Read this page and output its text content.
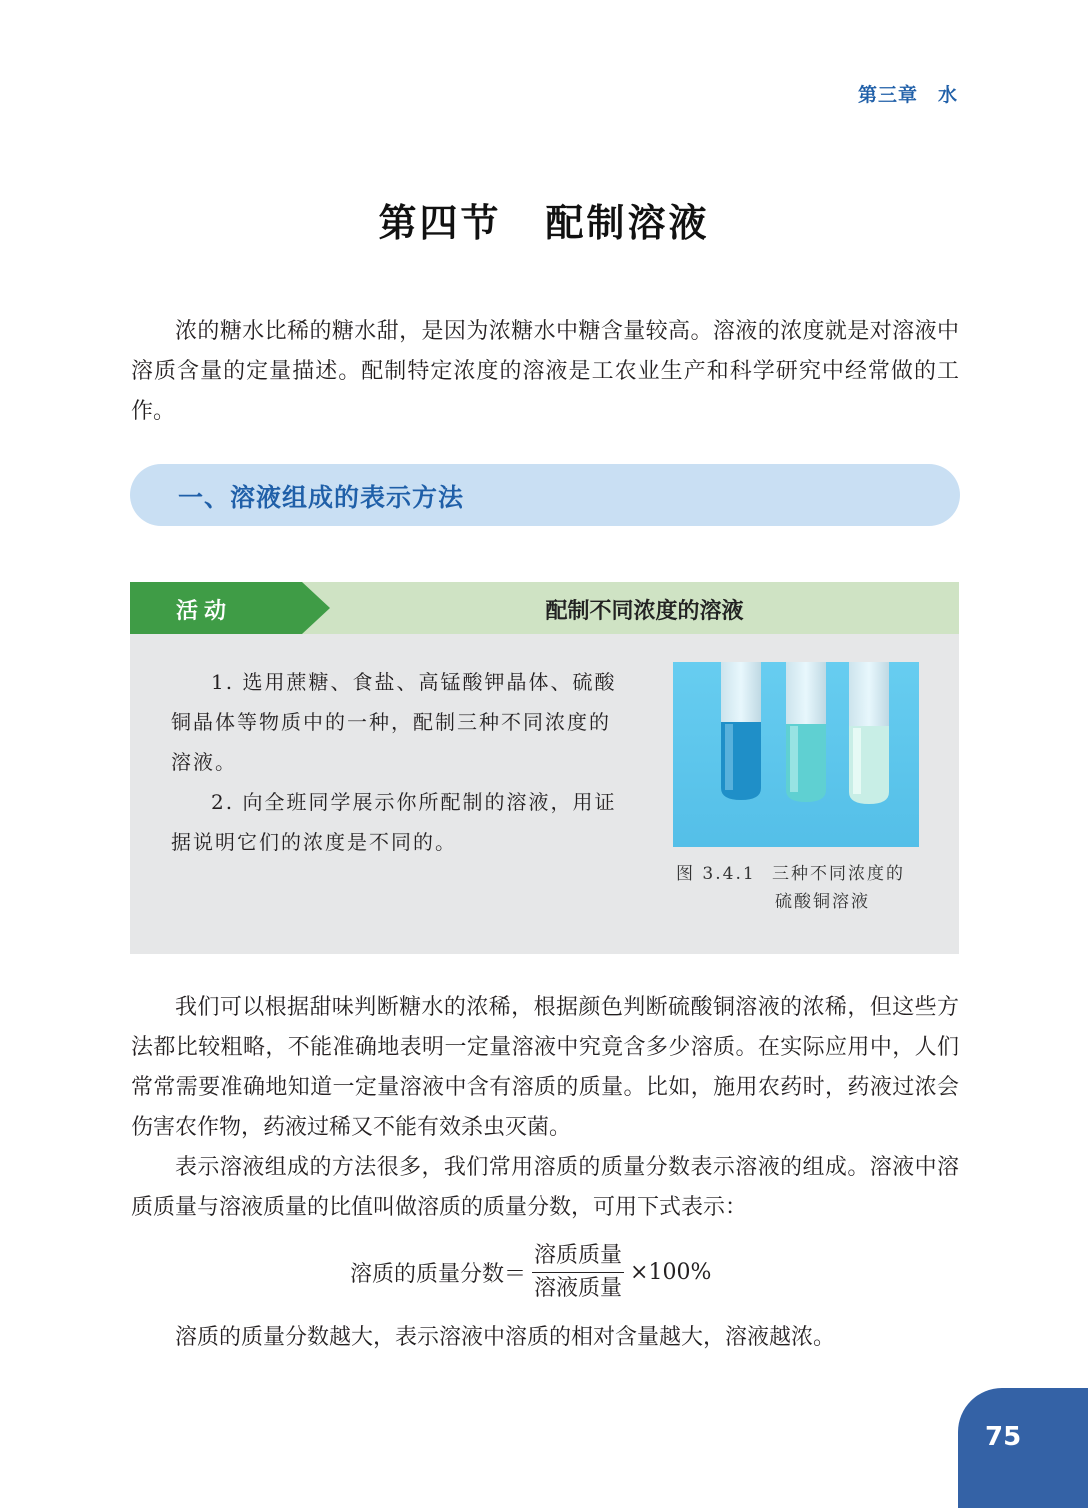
第三章 水
第四节 配制溶液

浓的糖水比稀的糖水甜，是因为浓糖水中糖含量较高。溶液的浓度就是对溶液中溶质含量的定量描述。配制特定浓度的溶液是工农业生产和科学研究中经常做的工作。

一、溶液组成的表示方法
活动	配制不同浓度的溶液

1. 选用蔗糖、食盐、高锰酸钾晶体、硫酸铜晶体等物质中的一种，配制三种不同浓度的溶液。

2. 向全班同学展示你所配制的溶液，用证据说明它们的浓度是不同的。

图 3.4.1 三种不同浓度的
硫酸铜溶液

我们可以根据甜味判断糖水的浓稀，根据颜色判断硫酸铜溶液的浓稀，但这些方法都比较粗略，不能准确地表明一定量溶液中究竟含多少溶质。在实际应用中，人们常常需要准确地知道一定量溶液中含有溶质的质量。比如，施用农药时，药液过浓会伤害农作物，药液过稀又不能有效杀虫灭菌。

表示溶液组成的方法很多，我们常用溶质的质量分数表示溶液的组成。溶液中溶质质量与溶液质量的比值叫做溶质的质量分数，可用下式表示：

溶质的质量分数＝ $\frac{\text{溶质质量}}{\text{溶液质量}} \times 100\%$

溶质的质量分数越大，表示溶液中溶质的相对含量越大，溶液越浓。

75
